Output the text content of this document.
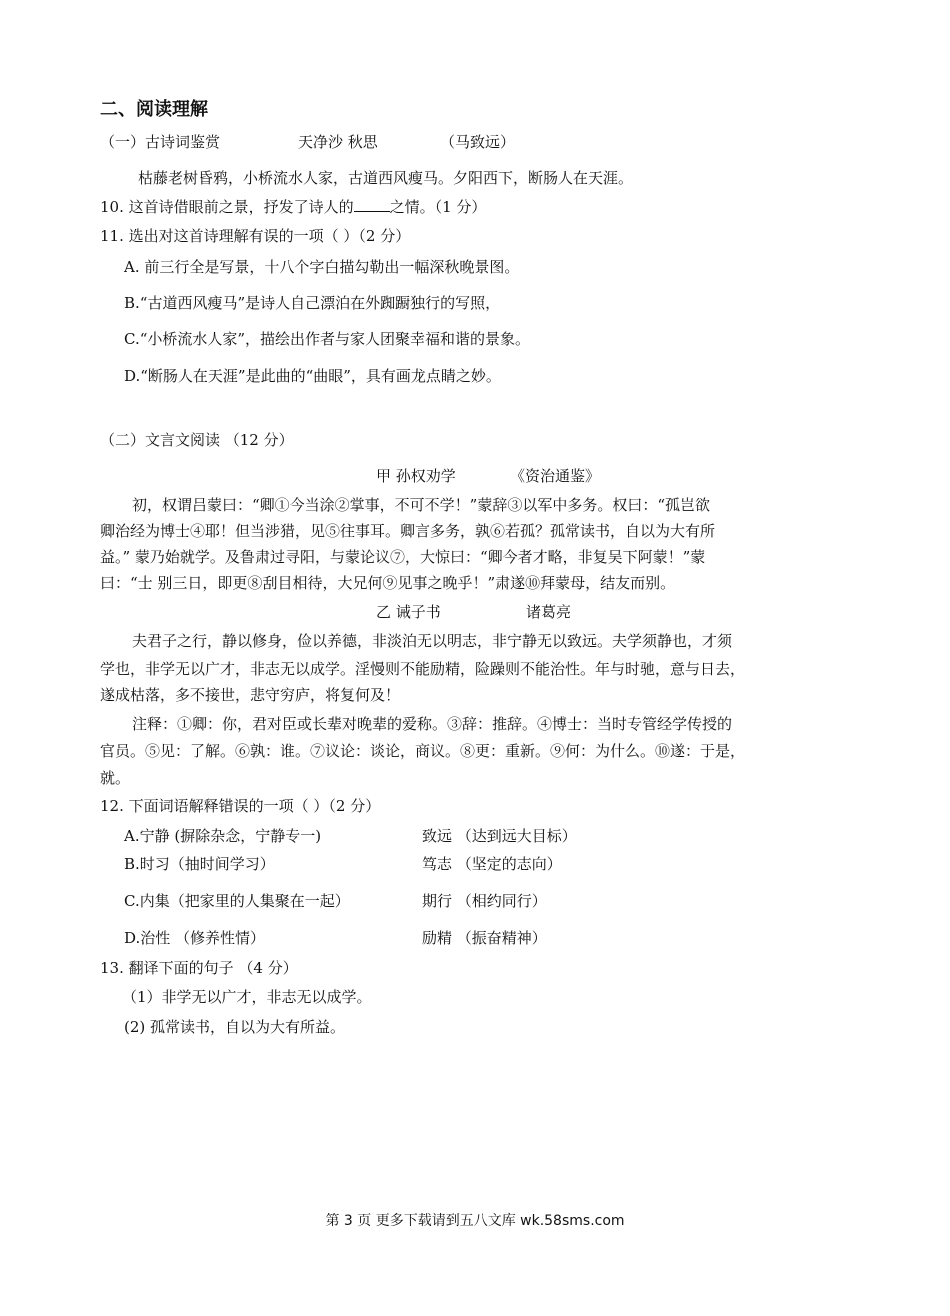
二、阅读理解
（一）古诗词鉴赏	天净沙 秋思	（马致远）
枯藤老树昏鸦，小桥流水人家，古道西风瘦马。夕阳西下，断肠人在天涯。
10. 这首诗借眼前之景，抒发了诗人的 之情。（1 分）
11. 选出对这首诗理解有误的一项（ ）（2 分）
A. 前三行全是写景，十八个字白描勾勒出一幅深秋晚景图。
B.“古道西风瘦马”是诗人自己漂泊在外踟蹰独行的写照，
C.“小桥流水人家”，描绘出作者与家人团聚幸福和谐的景象。
D.“断肠人在天涯”是此曲的“曲眼”，具有画龙点睛之妙。
（二）文言文阅读 （12 分）
甲 孙权劝学	《资治通鉴》
初，权谓吕蒙曰：“卿①今当涂②掌事，不可不学！”蒙辞③以军中多务。权曰：“孤岂欲
卿治经为博士④耶！但当涉猎，见⑤往事耳。卿言多务，孰⑥若孤？孤常读书，自以为大有所
益。” 蒙乃始就学。及鲁肃过寻阳，与蒙论议⑦，大惊曰：“卿今者才略，非复吴下阿蒙！”蒙
曰：“士 别三日，即更⑧刮目相待，大兄何⑨见事之晚乎！”肃遂⑩拜蒙母，结友而别。
乙 诫子书	诸葛亮
夫君子之行，静以修身，俭以养德，非淡泊无以明志，非宁静无以致远。夫学须静也，才须
学也，非学无以广才，非志无以成学。淫慢则不能励精，险躁则不能治性。年与时驰，意与日去，
遂成枯落，多不接世，悲守穷庐，将复何及！
注释：①卿：你，君对臣或长辈对晚辈的爱称。③辞：推辞。④博士：当时专管经学传授的
官员。⑤见：了解。⑥孰：谁。⑦议论：谈论，商议。⑧更：重新。⑨何：为什么。⑩遂：于是，
就。
12. 下面词语解释错误的一项（ ）（2 分）
A.宁静 (摒除杂念，宁静专一)	致远 （达到远大目标）
B.时习（抽时间学习）	笃志 （坚定的志向）
C.内集（把家里的人集聚在一起）	期行 （相约同行）
D.治性 （修养性情）	励精 （振奋精神）
13. 翻译下面的句子 （4 分）
（1）非学无以广才，非志无以成学。
(2) 孤常读书，自以为大有所益。
第 3 页 更多下载请到五八文库 wk.58sms.com
